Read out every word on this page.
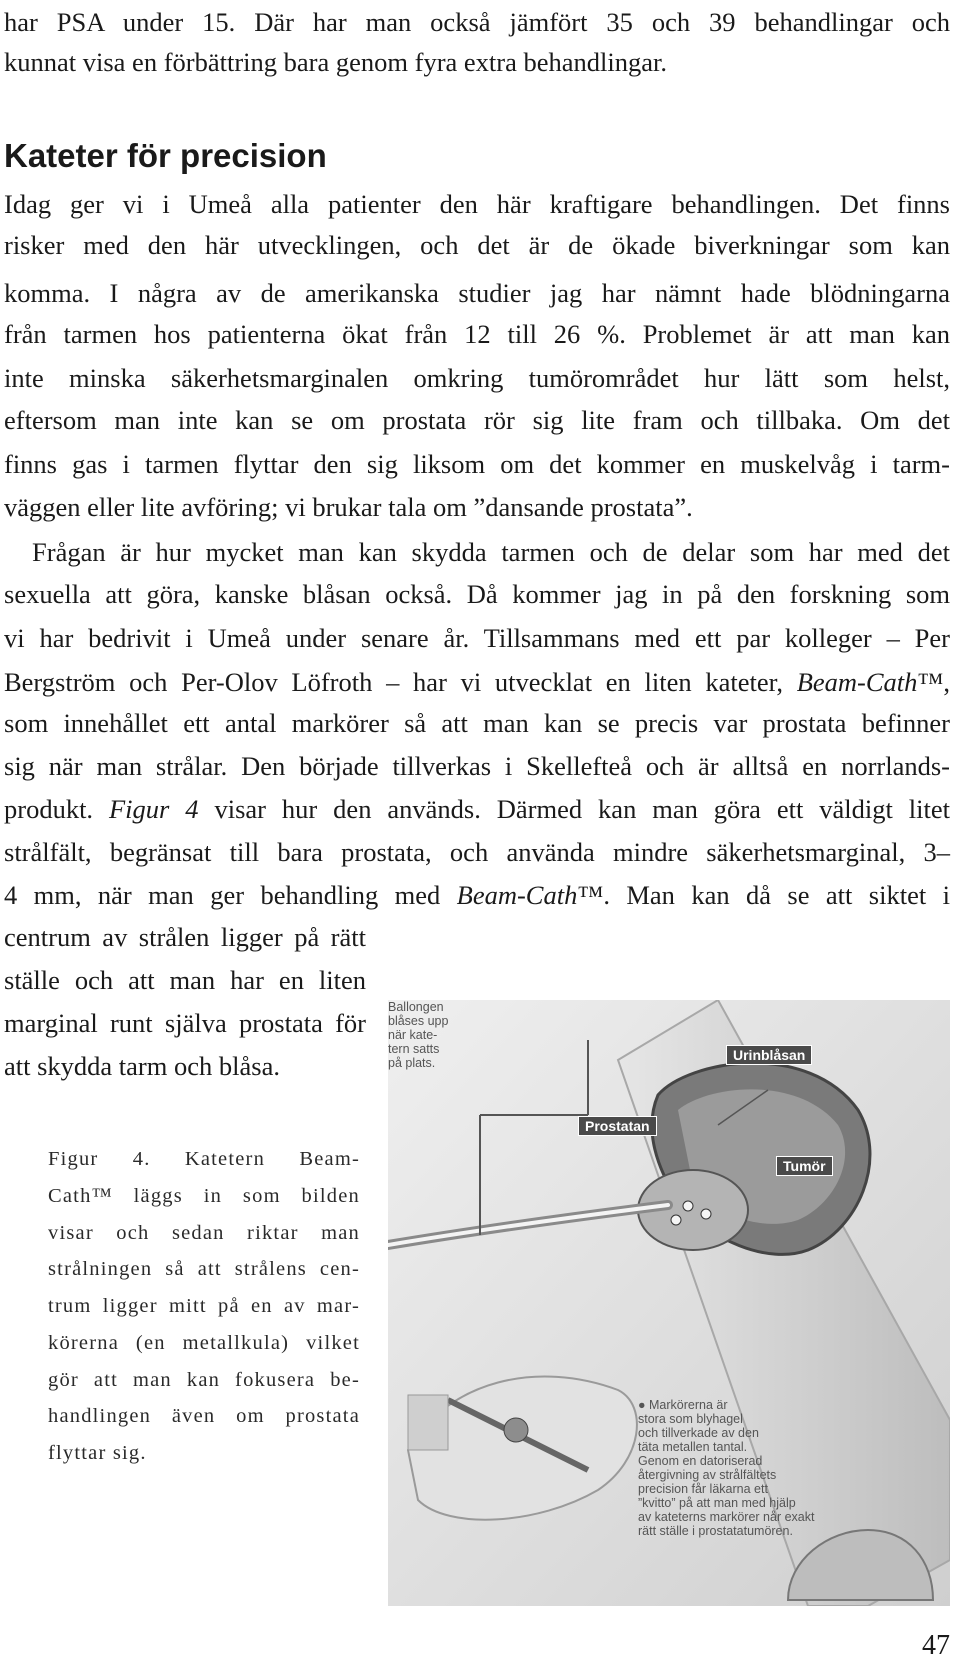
har PSA under 15. Där har man också jämfört 35 och 39 behandlingar och
kunnat visa en förbättring bara genom fyra extra behandlingar.
Kateter för precision
Idag ger vi i Umeå alla patienter den här kraftigare behandlingen. Det finns
risker med den här utvecklingen, och det är de ökade biverkningar som kan
komma. I några av de amerikanska studier jag har nämnt hade blödningarna
från tarmen hos patienterna ökat från 12 till 26 %. Problemet är att man kan
inte minska säkerhetsmarginalen omkring tumörområdet hur lätt som helst,
eftersom man inte kan se om prostata rör sig lite fram och tillbaka. Om det
finns gas i tarmen flyttar den sig liksom om det kommer en muskelvåg i tarm-
väggen eller lite avföring; vi brukar tala om ”dansande prostata”.
Frågan är hur mycket man kan skydda tarmen och de delar som har med det
sexuella att göra, kanske blåsan också. Då kommer jag in på den forskning som
vi har bedrivit i Umeå under senare år. Tillsammans med ett par kolleger – Per
Bergström och Per-Olov Löfroth – har vi utvecklat en liten kateter, Beam-Cath™,
som innehållet ett antal markörer så att man kan se precis var prostata befinner
sig när man strålar. Den började tillverkas i Skellefteå och är alltså en norrlands-
produkt. Figur 4 visar hur den används. Därmed kan man göra ett väldigt litet
strålfält, begränsat till bara prostata, och använda mindre säkerhetsmarginal, 3–
4 mm, när man ger behandling med Beam-Cath™. Man kan då se att siktet i
centrum av strålen ligger på rätt
ställe och att man har en liten
marginal runt själva prostata för
att skydda tarm och blåsa.
Figur 4. Katetern Beam-
Cath™ läggs in som bilden
visar och sedan riktar man
strålningen så att strålens cen-
trum ligger mitt på en av mar-
körerna (en metallkula) vilket
gör att man kan fokusera be-
handlingen även om prostata
flyttar sig.
Urinblåsan
Prostatan
Tumör
Ballongen
blåses upp
när kate-
tern satts
på plats.
● Markörerna är
stora som blyhagel
och tillverkade av den
täta metallen tantal.
Genom en datoriserad
återgivning av strålfältets
precision får läkarna ett
”kvitto” på att man med hjälp
av kateterns markörer når exakt
rätt ställe i prostatatumören.
47
